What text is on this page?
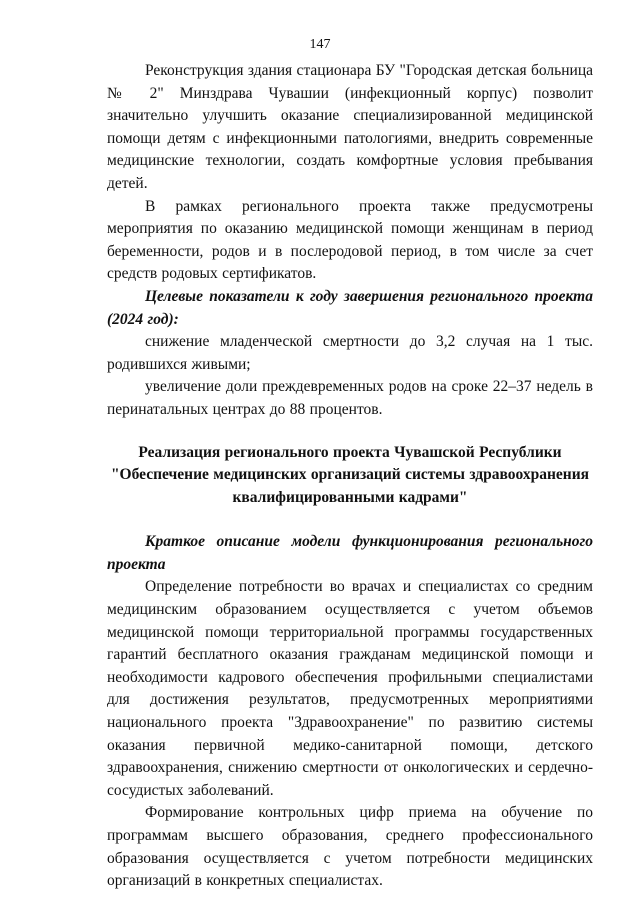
147

Реконструкция здания стационара БУ "Городская детская больница № 2" Минздрава Чувашии (инфекционный корпус) позволит значительно улучшить оказание специализированной медицинской помощи детям с инфекционными патологиями, внедрить современные медицинские технологии, создать комфортные условия пребывания детей.

В рамках регионального проекта также предусмотрены мероприятия по оказанию медицинской помощи женщинам в период беременности, родов и в послеродовой период, в том числе за счет средств родовых сертификатов.

Целевые показатели к году завершения регионального проекта (2024 год):

снижение младенческой смертности до 3,2 случая на 1 тыс. родившихся живыми;

увеличение доли преждевременных родов на сроке 22–37 недель в перинатальных центрах до 88 процентов.

Реализация регионального проекта Чувашской Республики

"Обеспечение медицинских организаций системы здравоохранения

квалифицированными кадрами"

Краткое описание модели функционирования регионального проекта

Определение потребности во врачах и специалистах со средним медицинским образованием осуществляется с учетом объемов медицинской помощи территориальной программы государственных гарантий бесплатного оказания гражданам медицинской помощи и необходимости кадрового обеспечения профильными специалистами для достижения результатов, предусмотренных мероприятиями национального проекта "Здравоохранение" по развитию системы оказания первичной медико-санитарной помощи, детского здравоохранения, снижению смертности от онкологических и сердечно-сосудистых заболеваний.

Формирование контрольных цифр приема на обучение по программам высшего образования, среднего профессионального образования осуществляется с учетом потребности медицинских организаций в конкретных специалистах.
